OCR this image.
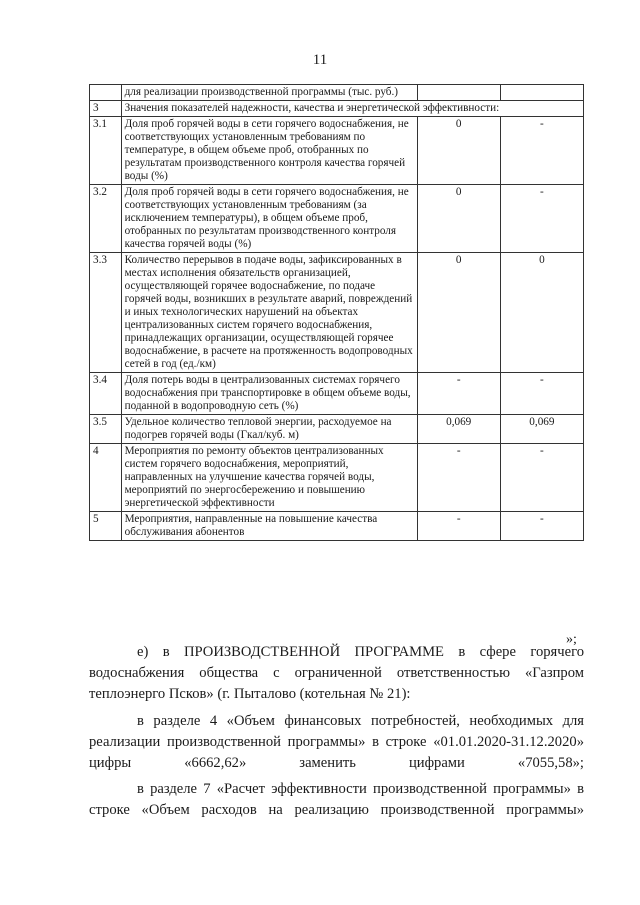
11
	для реализации производственной программы (тыс. руб.)		
3	Значения показателей надежности, качества и энергетической эффективности:		
3.1	Доля проб горячей воды в сети горячего водоснабжения, не соответствующих установленным требованиям по температуре, в общем объеме проб, отобранных по результатам производственного контроля качества горячей воды (%)	0	-
3.2	Доля проб горячей воды в сети горячего водоснабжения, не соответствующих установленным требованиям (за исключением температуры), в общем объеме проб, отобранных по результатам производственного контроля качества горячей воды (%)	0	-
3.3	Количество перерывов в подаче воды, зафиксированных в местах исполнения обязательств организацией, осуществляющей горячее водоснабжение, по подаче горячей воды, возникших в результате аварий, повреждений и иных технологических нарушений на объектах централизованных систем горячего водоснабжения, принадлежащих организации, осуществляющей горячее водоснабжение, в расчете на протяженность водопроводных сетей в год (ед./км)	0	0
3.4	Доля потерь воды в централизованных системах горячего водоснабжения при транспортировке в общем объеме воды, поданной в водопроводную сеть (%)	-	-
3.5	Удельное количество тепловой энергии, расходуемое на подогрев горячей воды (Гкал/куб. м)	0,069	0,069
4	Мероприятия по ремонту объектов централизованных систем горячего водоснабжения, мероприятий, направленных на улучшение качества горячей воды, мероприятий по энергосбережению и повышению энергетической эффективности	-	-
5	Мероприятия, направленные на повышение качества обслуживания абонентов	-	-
»;

е) в ПРОИЗВОДСТВЕННОЙ ПРОГРАММЕ в сфере горячего водоснабжения общества с ограниченной ответственностью «Газпром теплоэнерго Псков» (г. Пыталово (котельная № 21):

в разделе 4 «Объем финансовых потребностей, необходимых для реализации производственной программы» в строке «01.01.2020-31.12.2020» цифры «6662,62» заменить цифрами «7055,58»;

в разделе 7 «Расчет эффективности производственной программы» в строке «Объем расходов на реализацию производственной программы»
